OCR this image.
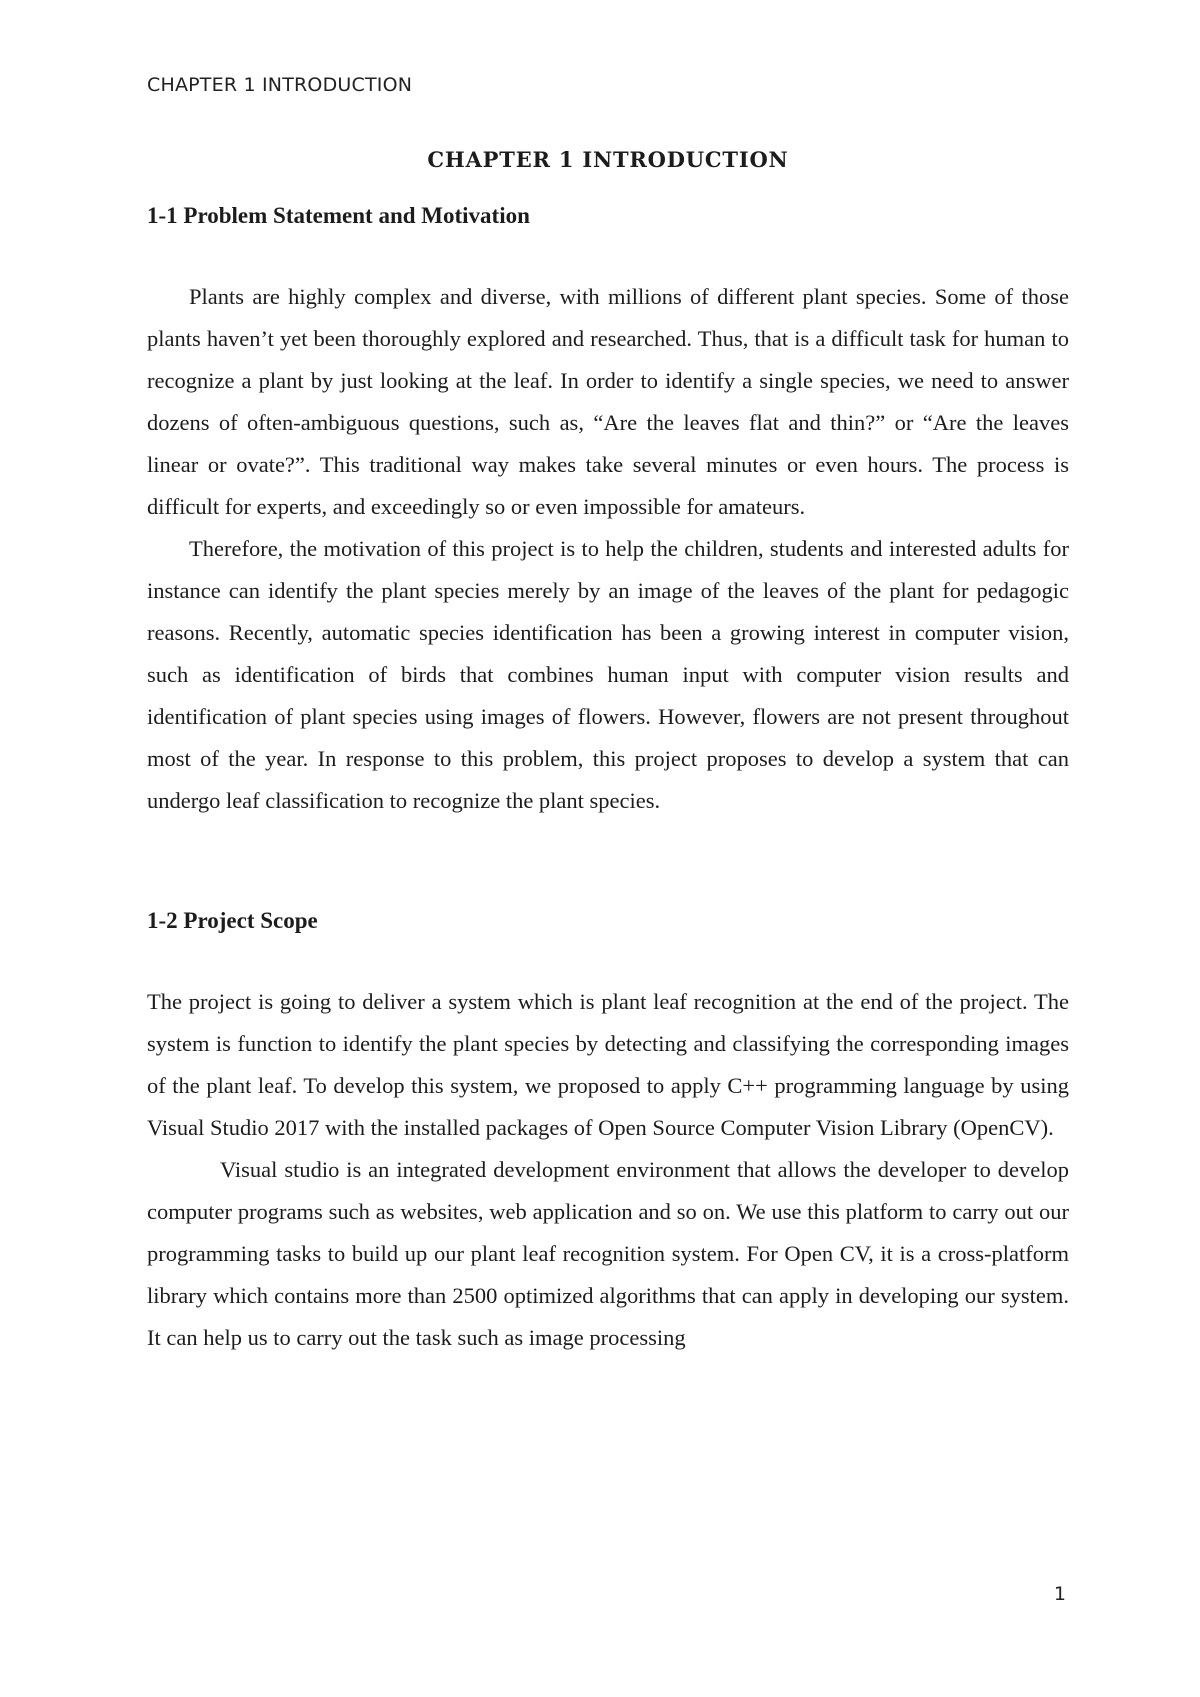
CHAPTER 1 INTRODUCTION
CHAPTER 1 INTRODUCTION
1-1 Problem Statement and Motivation

Plants are highly complex and diverse, with millions of different plant species. Some of those plants haven’t yet been thoroughly explored and researched. Thus, that is a difficult task for human to recognize a plant by just looking at the leaf. In order to identify a single species, we need to answer dozens of often-ambiguous questions, such as, “Are the leaves flat and thin?” or “Are the leaves linear or ovate?”. This traditional way makes take several minutes or even hours. The process is difficult for experts, and exceedingly so or even impossible for amateurs.

Therefore, the motivation of this project is to help the children, students and interested adults for instance can identify the plant species merely by an image of the leaves of the plant for pedagogic reasons. Recently, automatic species identification has been a growing interest in computer vision, such as identification of birds that combines human input with computer vision results and identification of plant species using images of flowers. However, flowers are not present throughout most of the year. In response to this problem, this project proposes to develop a system that can undergo leaf classification to recognize the plant species.

1-2 Project Scope

The project is going to deliver a system which is plant leaf recognition at the end of the project. The system is function to identify the plant species by detecting and classifying the corresponding images of the plant leaf. To develop this system, we proposed to apply C++ programming language by using Visual Studio 2017 with the installed packages of Open Source Computer Vision Library (OpenCV).

Visual studio is an integrated development environment that allows the developer to develop computer programs such as websites, web application and so on. We use this platform to carry out our programming tasks to build up our plant leaf recognition system. For Open CV, it is a cross-platform library which contains more than 2500 optimized algorithms that can apply in developing our system. It can help us to carry out the task such as image processing

1
